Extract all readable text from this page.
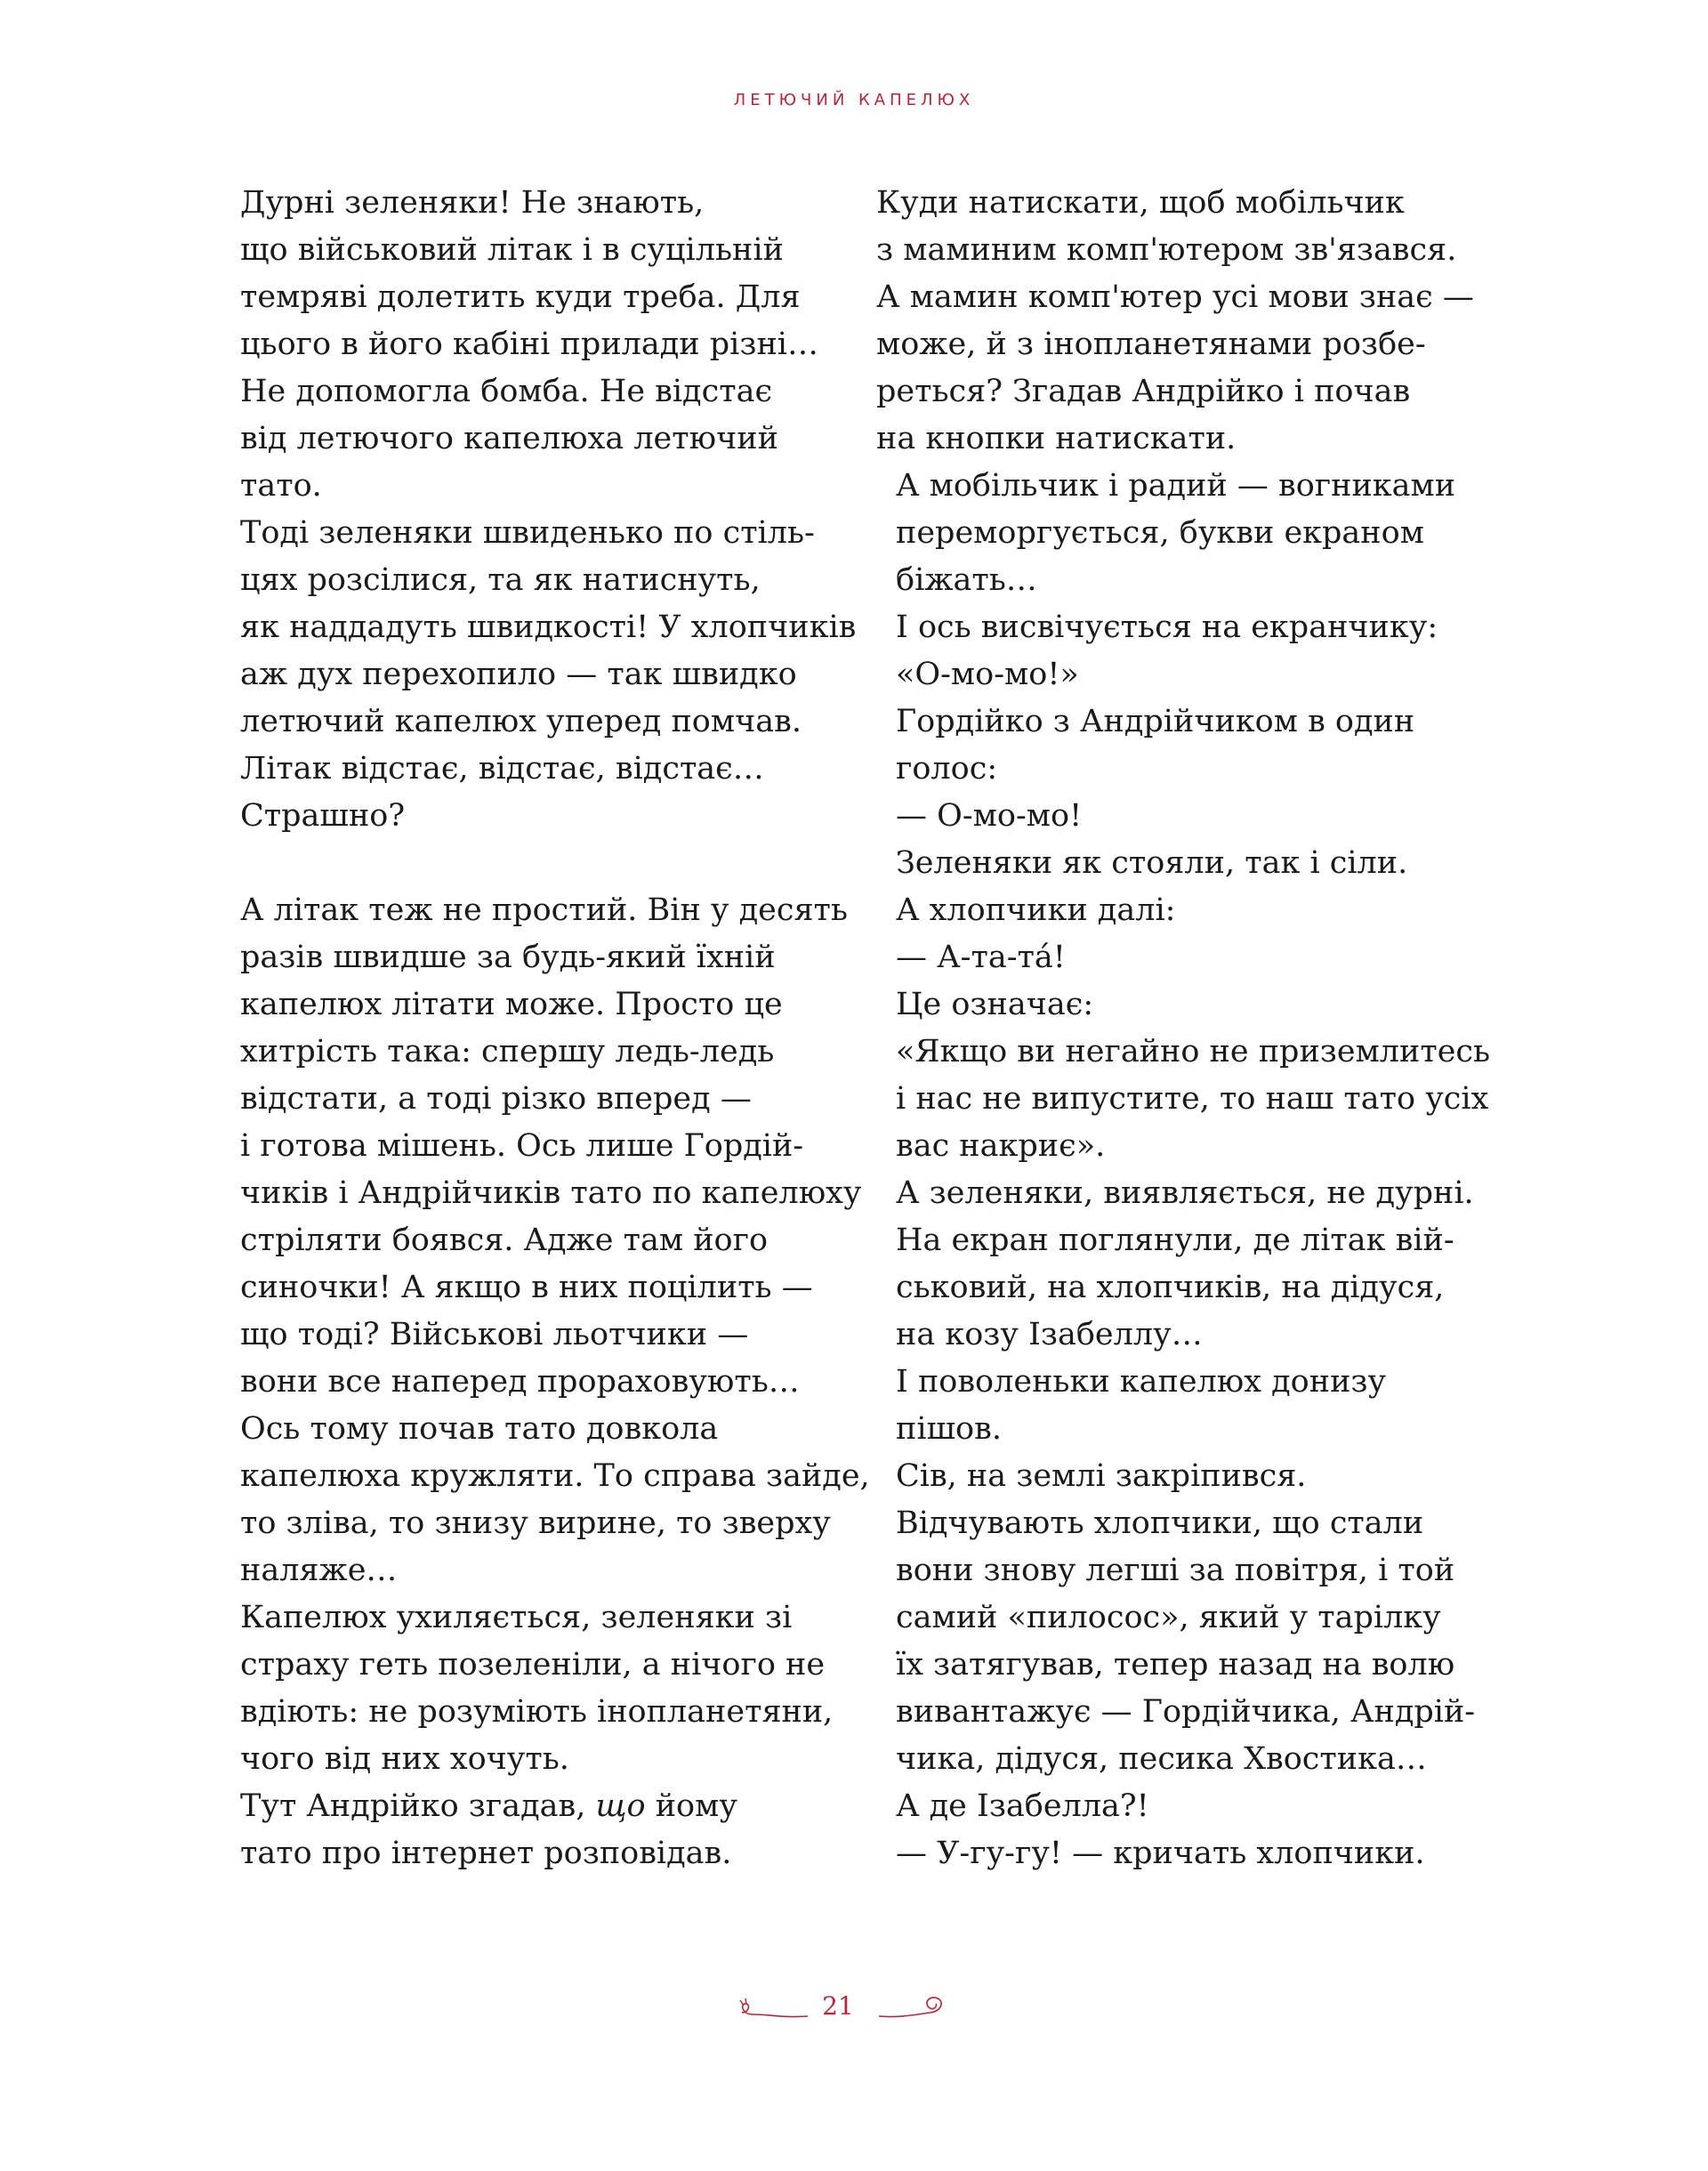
ЛЕТЮЧИЙ КАПЕЛЮХ

Дурні зеленяки! Не знають,
що військовий літак і в суцільній
темряві долетить куди треба. Для
цього в його кабіні прилади різні…

Не допомогла бомба. Не відстає
від летючого капелюха летючий
тато.

Тоді зеленяки швиденько по стіль-
цях розсілися, та як натиснуть,
як наддадуть швидкості! У хлопчиків
аж дух перехопило — так швидко
летючий капелюх уперед помчав.

Літак відстає, відстає, відстає…
Страшно?

А літак теж не простий. Він у десять
разів швидше за будь-який їхній
капелюх літати може. Просто це
хитрість така: спершу ледь-ледь
відстати, а тоді різко вперед —
і готова мішень. Ось лише Гордій-
чиків і Андрійчиків тато по капелюху
стріляти боявся. Адже там його
синочки! А якщо в них поцілить —
що тоді? Військові льотчики —
вони все наперед прораховують…

Ось тому почав тато довкола
капелюха кружляти. То справа зайде,
то зліва, то знизу вирине, то зверху
наляже…

Капелюх ухиляється, зеленяки зі
страху геть позеленіли, а нічого не
вдіють: не розуміють інопланетяни,
чого від них хочуть.

Тут Андрійко згадав, що йому
тато про інтернет розповідав.

Куди натискати, щоб мобільчик
з маминим комп'ютером зв'язався.
А мамин комп'ютер усі мови знає —
може, й з інопланетянами розбе-
реться? Згадав Андрійко і почав
на кнопки натискати.

А мобільчик і радий — вогниками
переморгується, букви екраном
біжать…

І ось висвічується на екранчику:
«О-мо-мо!»

Гордійко з Андрійчиком в один
голос:

— О-мо-мо!

Зеленяки як стояли, так і сіли.

А хлопчики далі:

— А-та-тá!

Це означає:

«Якщо ви негайно не приземлитесь
і нас не випустите, то наш тато усіх
вас накриє».

А зеленяки, виявляється, не дурні.
На екран поглянули, де літак вій-
ськовий, на хлопчиків, на дідуся,
на козу Ізабеллу…

І поволеньки капелюх донизу
пішов.

Сів, на землі закріпився.

Відчувають хлопчики, що стали
вони знову легші за повітря, і той
самий «пилосос», який у тарілку
їх затягував, тепер назад на волю
вивантажує — Гордійчика, Андрій-
чика, дідуся, песика Хвостика…

А де Ізабелла?!

— У-гу-гу! — кричать хлопчики.

21
